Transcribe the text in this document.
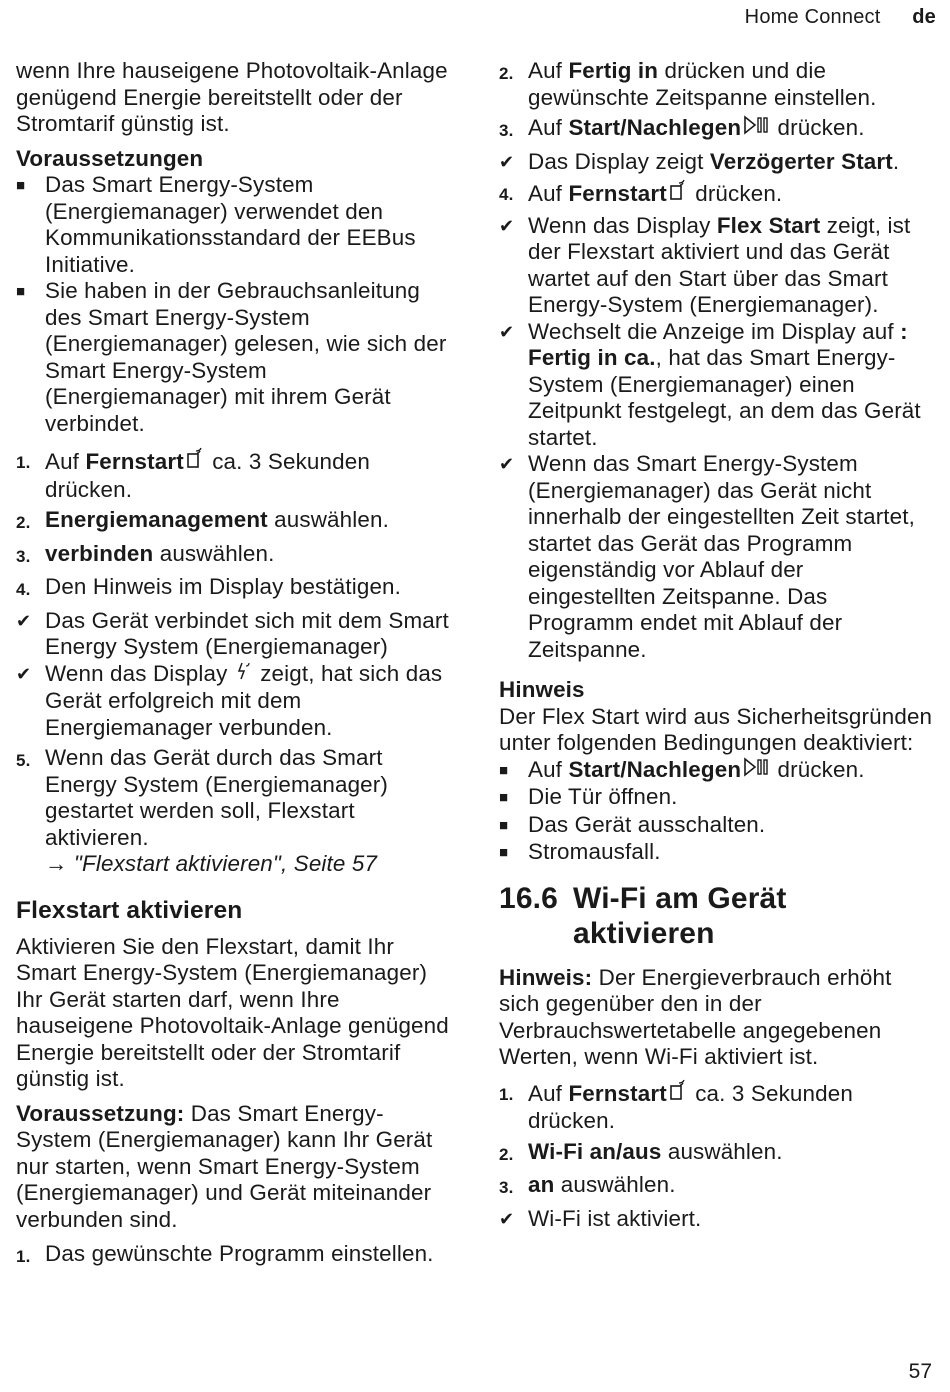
Home Connect de

wenn Ihre hauseigene Photovoltaik-Anlage genügend Energie bereitstellt oder der Stromtarif günstig ist.

Voraussetzungen
■ Das Smart Energy-System (Energiemanager) verwendet den Kommunikationsstandard der EEBus Initiative.
■ Sie haben in der Gebrauchsanleitung des Smart Energy-System (Energiemanager) gelesen, wie sich der Smart Energy-System (Energiemanager) mit ihrem Gerät verbindet.
1. Auf Fernstart ca. 3 Sekunden drücken.
2. Energiemanagement auswählen.
3. verbinden auswählen.
4. Den Hinweis im Display bestätigen.
✔ Das Gerät verbindet sich mit dem Smart Energy System (Energiemanager)
✔ Wenn das Display  zeigt, hat sich das Gerät erfolgreich mit dem Energiemanager verbunden.
5. Wenn das Gerät durch das Smart Energy System (Energiemanager) gestartet werden soll, Flexstart aktivieren.
→ "Flexstart aktivieren", Seite 57
Flexstart aktivieren

Aktivieren Sie den Flexstart, damit Ihr Smart Energy-System (Energiemanager) Ihr Gerät starten darf, wenn Ihre hauseigene Photovoltaik-Anlage genügend Energie bereitstellt oder der Stromtarif günstig ist.

Voraussetzung: Das Smart Energy-System (Energiemanager) kann Ihr Gerät nur starten, wenn Smart Energy-System (Energiemanager) und Gerät miteinander verbunden sind.

1. Das gewünschte Programm einstellen.
2. Auf Fertig in drücken und die gewünschte Zeitspanne einstellen.
3. Auf Start/Nachlegen drücken.
✔ Das Display zeigt Verzögerter Start.
4. Auf Fernstart drücken.
✔ Wenn das Display Flex Start zeigt, ist der Flexstart aktiviert und das Gerät wartet auf den Start über das Smart Energy-System (Energiemanager).
✔ Wechselt die Anzeige im Display auf : Fertig in ca., hat das Smart Energy-System (Energiemanager) einen Zeitpunkt festgelegt, an dem das Gerät startet.
✔ Wenn das Smart Energy-System (Energiemanager) das Gerät nicht innerhalb der eingestellten Zeit startet, startet das Gerät das Programm eigenständig vor Ablauf der eingestellten Zeitspanne. Das Programm endet mit Ablauf der Zeitspanne.
Hinweis

Der Flex Start wird aus Sicherheitsgründen unter folgenden Bedingungen deaktiviert:

■ Auf Start/Nachlegen drücken.
■ Die Tür öffnen.
■ Das Gerät ausschalten.
■ Stromausfall.
16.6 Wi-Fi am Gerät aktivieren

Hinweis: Der Energieverbrauch erhöht sich gegenüber den in der Verbrauchswertetabelle angegebenen Werten, wenn Wi-Fi aktiviert ist.

1. Auf Fernstart ca. 3 Sekunden drücken.
2. Wi-Fi an/aus auswählen.
3. an auswählen.
✔ Wi-Fi ist aktiviert.
57
